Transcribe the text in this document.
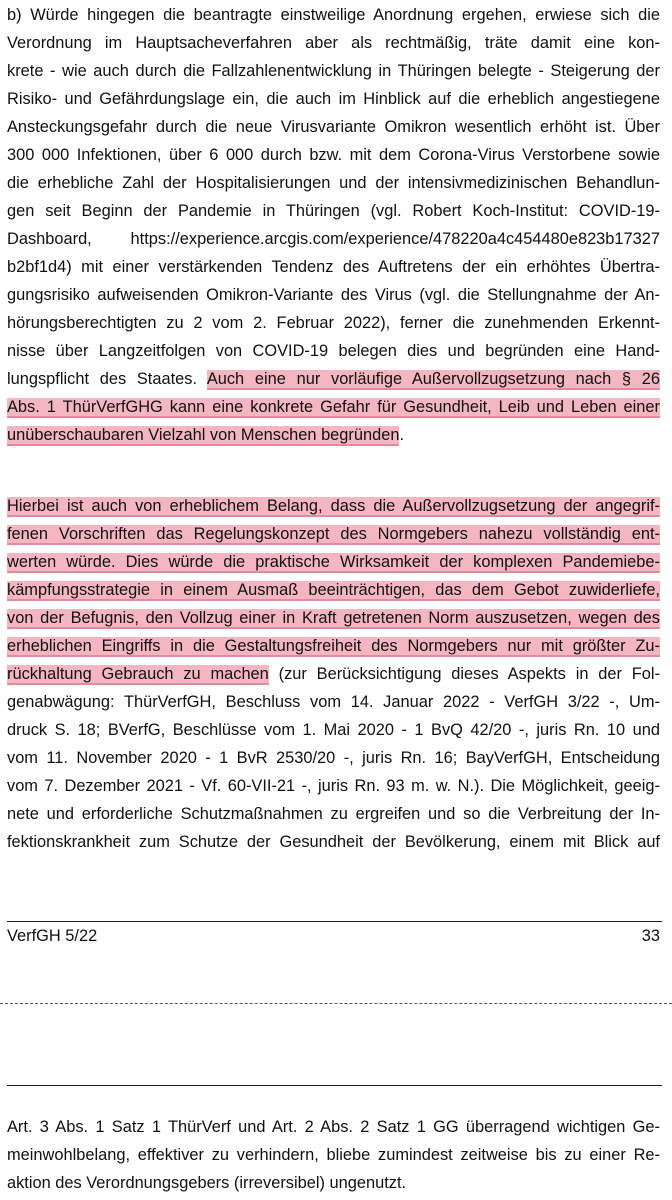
b) Würde hingegen die beantragte einstweilige Anordnung ergehen, erwiese sich die
Verordnung im Hauptsacheverfahren aber als rechtmäßig, träte damit eine kon-
krete - wie auch durch die Fallzahlenentwicklung in Thüringen belegte - Steigerung der
Risiko- und Gefährdungslage ein, die auch im Hinblick auf die erheblich angestiegene
Ansteckungsgefahr durch die neue Virusvariante Omikron wesentlich erhöht ist. Über
300 000 Infektionen, über 6 000 durch bzw. mit dem Corona-Virus Verstorbene sowie
die erhebliche Zahl der Hospitalisierungen und der intensivmedizinischen Behandlun-
gen seit Beginn der Pandemie in Thüringen (vgl. Robert Koch-Institut: COVID-19-
Dashboard, https://experience.arcgis.com/experience/478220a4c454480e823b17327
b2bf1d4) mit einer verstärkenden Tendenz des Auftretens der ein erhöhtes Übertra-
gungsrisiko aufweisenden Omikron-Variante des Virus (vgl. die Stellungnahme der An-
hörungsberechtigten zu 2 vom 2. Februar 2022), ferner die zunehmenden Erkennt-
nisse über Langzeitfolgen von COVID-19 belegen dies und begründen eine Hand-
lungspflicht des Staates. Auch eine nur vorläufige Außervollzugsetzung nach § 26
Abs. 1 ThürVerfGHG kann eine konkrete Gefahr für Gesundheit, Leib und Leben einer
unüberschaubaren Vielzahl von Menschen begründen.
Hierbei ist auch von erheblichem Belang, dass die Außervollzugsetzung der angegrif-
fenen Vorschriften das Regelungskonzept des Normgebers nahezu vollständig ent-
werten würde. Dies würde die praktische Wirksamkeit der komplexen Pandemiebe-
kämpfungsstrategie in einem Ausmaß beeinträchtigen, das dem Gebot zuwiderliefe,
von der Befugnis, den Vollzug einer in Kraft getretenen Norm auszusetzen, wegen des
erheblichen Eingriffs in die Gestaltungsfreiheit des Normgebers nur mit größter Zu-
rückhaltung Gebrauch zu machen (zur Berücksichtigung dieses Aspekts in der Fol-
genabwägung: ThürVerfGH, Beschluss vom 14. Januar 2022 - VerfGH 3/22 -, Um-
druck S. 18; BVerfG, Beschlüsse vom 1. Mai 2020 - 1 BvQ 42/20 -, juris Rn. 10 und
vom 11. November 2020 - 1 BvR 2530/20 -, juris Rn. 16; BayVerfGH, Entscheidung
vom 7. Dezember 2021 - Vf. 60-VII-21 -, juris Rn. 93 m. w. N.). Die Möglichkeit, geeig-
nete und erforderliche Schutzmaßnahmen zu ergreifen und so die Verbreitung der In-
fektionskrankheit zum Schutze der Gesundheit der Bevölkerung, einem mit Blick auf
VerfGH 5/22	33
Art. 3 Abs. 1 Satz 1 ThürVerf und Art. 2 Abs. 2 Satz 1 GG überragend wichtigen Ge-
meinwohlbelang, effektiver zu verhindern, bliebe zumindest zeitweise bis zu einer Re-
aktion des Verordnungsgebers (irreversibel) ungenutzt.
